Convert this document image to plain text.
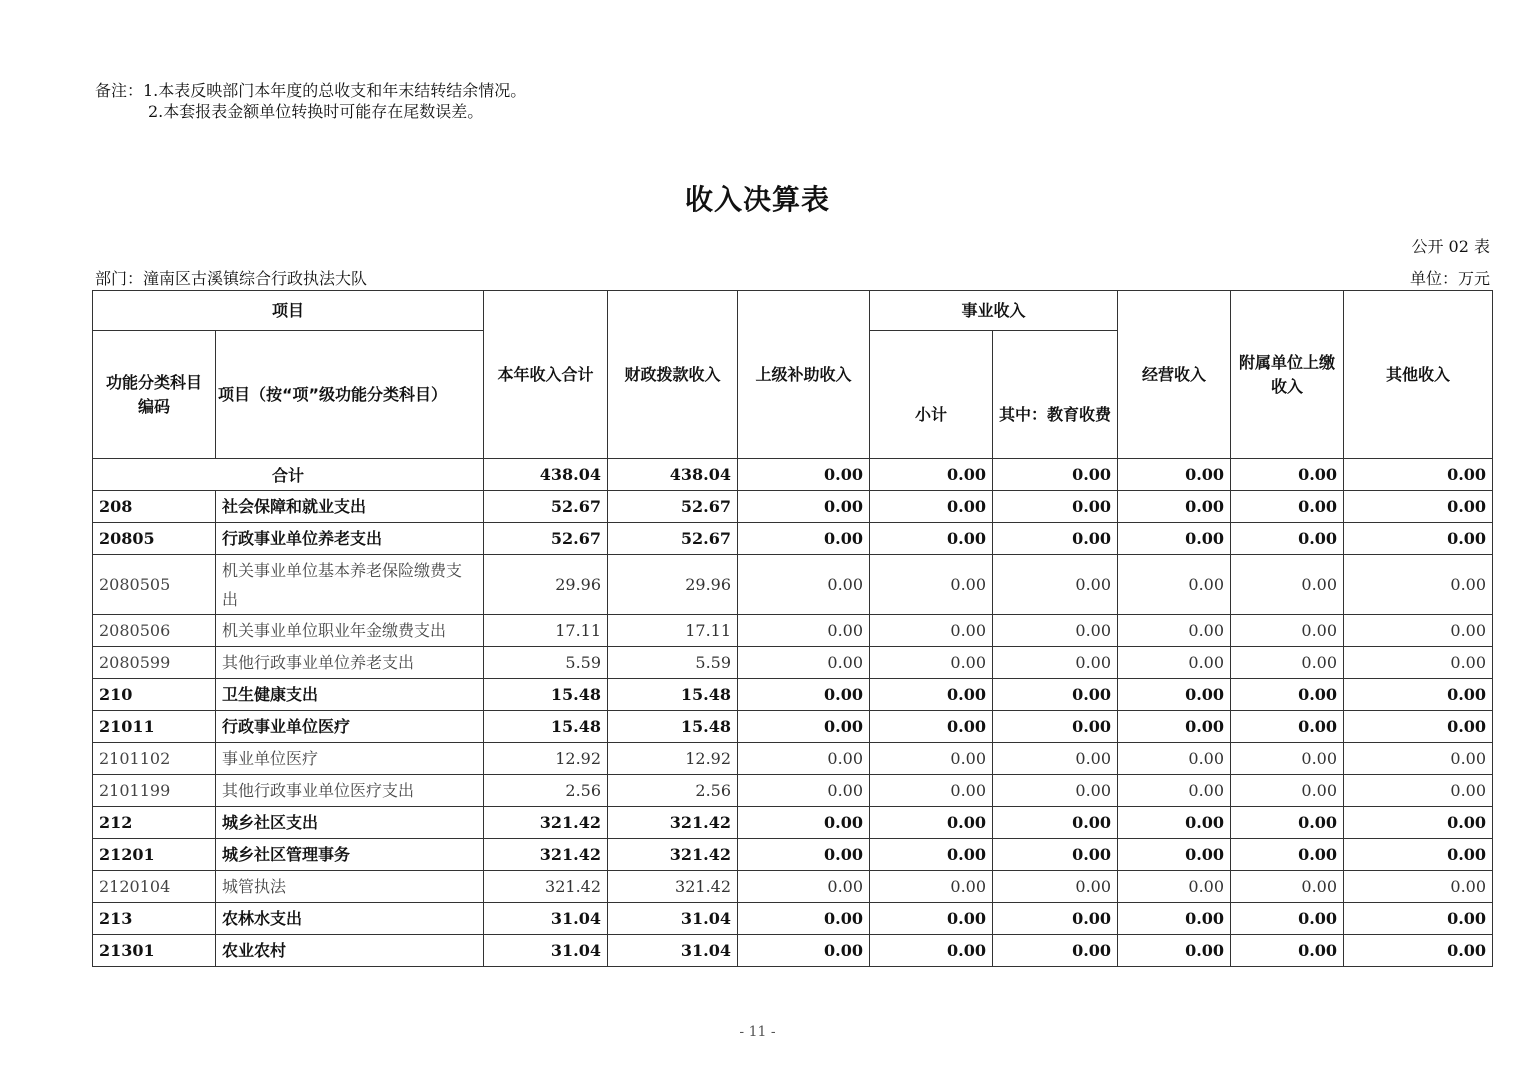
备注：1.本表反映部门本年度的总收支和年末结转结余情况。
2.本套报表金额单位转换时可能存在尾数误差。
收入决算表
公开 02 表
部门：潼南区古溪镇综合行政执法大队	单位：万元
项目		本年收入合计	财政拨款收入	上级补助收入	事业收入		经营收入	附属单位上缴收入	其他收入
功能分类科目编码	项目（按“项”级功能分类科目）				小计	其中：教育收费			
合计		438.04	438.04	0.00	0.00	0.00	0.00	0.00	0.00
208	社会保障和就业支出	52.67	52.67	0.00	0.00	0.00	0.00	0.00	0.00
20805	行政事业单位养老支出	52.67	52.67	0.00	0.00	0.00	0.00	0.00	0.00
2080505	机关事业单位基本养老保险缴费支出	29.96	29.96	0.00	0.00	0.00	0.00	0.00	0.00
2080506	机关事业单位职业年金缴费支出	17.11	17.11	0.00	0.00	0.00	0.00	0.00	0.00
2080599	其他行政事业单位养老支出	5.59	5.59	0.00	0.00	0.00	0.00	0.00	0.00
210	卫生健康支出	15.48	15.48	0.00	0.00	0.00	0.00	0.00	0.00
21011	行政事业单位医疗	15.48	15.48	0.00	0.00	0.00	0.00	0.00	0.00
2101102	事业单位医疗	12.92	12.92	0.00	0.00	0.00	0.00	0.00	0.00
2101199	其他行政事业单位医疗支出	2.56	2.56	0.00	0.00	0.00	0.00	0.00	0.00
212	城乡社区支出	321.42	321.42	0.00	0.00	0.00	0.00	0.00	0.00
21201	城乡社区管理事务	321.42	321.42	0.00	0.00	0.00	0.00	0.00	0.00
2120104	城管执法	321.42	321.42	0.00	0.00	0.00	0.00	0.00	0.00
213	农林水支出	31.04	31.04	0.00	0.00	0.00	0.00	0.00	0.00
21301	农业农村	31.04	31.04	0.00	0.00	0.00	0.00	0.00	0.00
- 11 -
